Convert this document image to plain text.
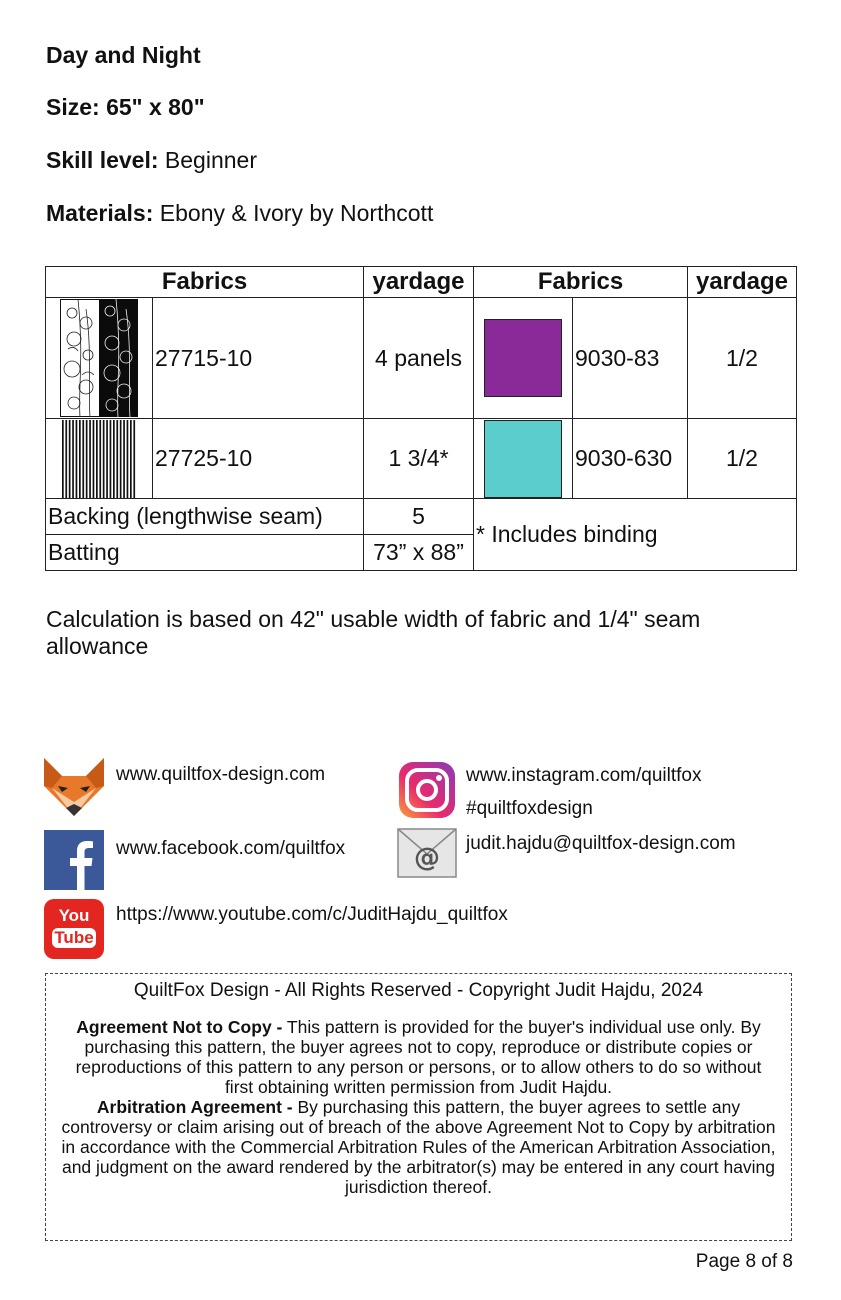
Day and Night

Size: 65" x 80"

Skill level: Beginner

Materials: Ebony & Ivory by Northcott

Fabrics		yardage	Fabrics		yardage

	27715-10	4 panels		9030-83	1/2

	27725-10	1 3/4*		9030-630	1/2
Backing (lengthwise seam)		5	* Includes binding		
Batting		73” x 88”			

Calculation is based on 42" usable width of fabric and 1/4" seam allowance

www.quiltfox-design.com	www.instagram.com/quiltfox
#quiltfoxdesign
www.facebook.com/quiltfox	@ judit.hajdu@quiltfox-design.com
You
Tube
https://www.youtube.com/c/JuditHajdu_quiltfox

QuiltFox Design - All Rights Reserved - Copyright Judit Hajdu, 2024

Agreement Not to Copy - This pattern is provided for the buyer's individual use only. By purchasing this pattern, the buyer agrees not to copy, reproduce or distribute copies or reproductions of this pattern to any person or persons, or to allow others to do so without first obtaining written permission from Judit Hajdu.

Arbitration Agreement - By purchasing this pattern, the buyer agrees to settle any controversy or claim arising out of breach of the above Agreement Not to Copy by arbitration in accordance with the Commercial Arbitration Rules of the American Arbitration Association, and judgment on the award rendered by the arbitrator(s) may be entered in any court having jurisdiction thereof.

Page 8 of 8
